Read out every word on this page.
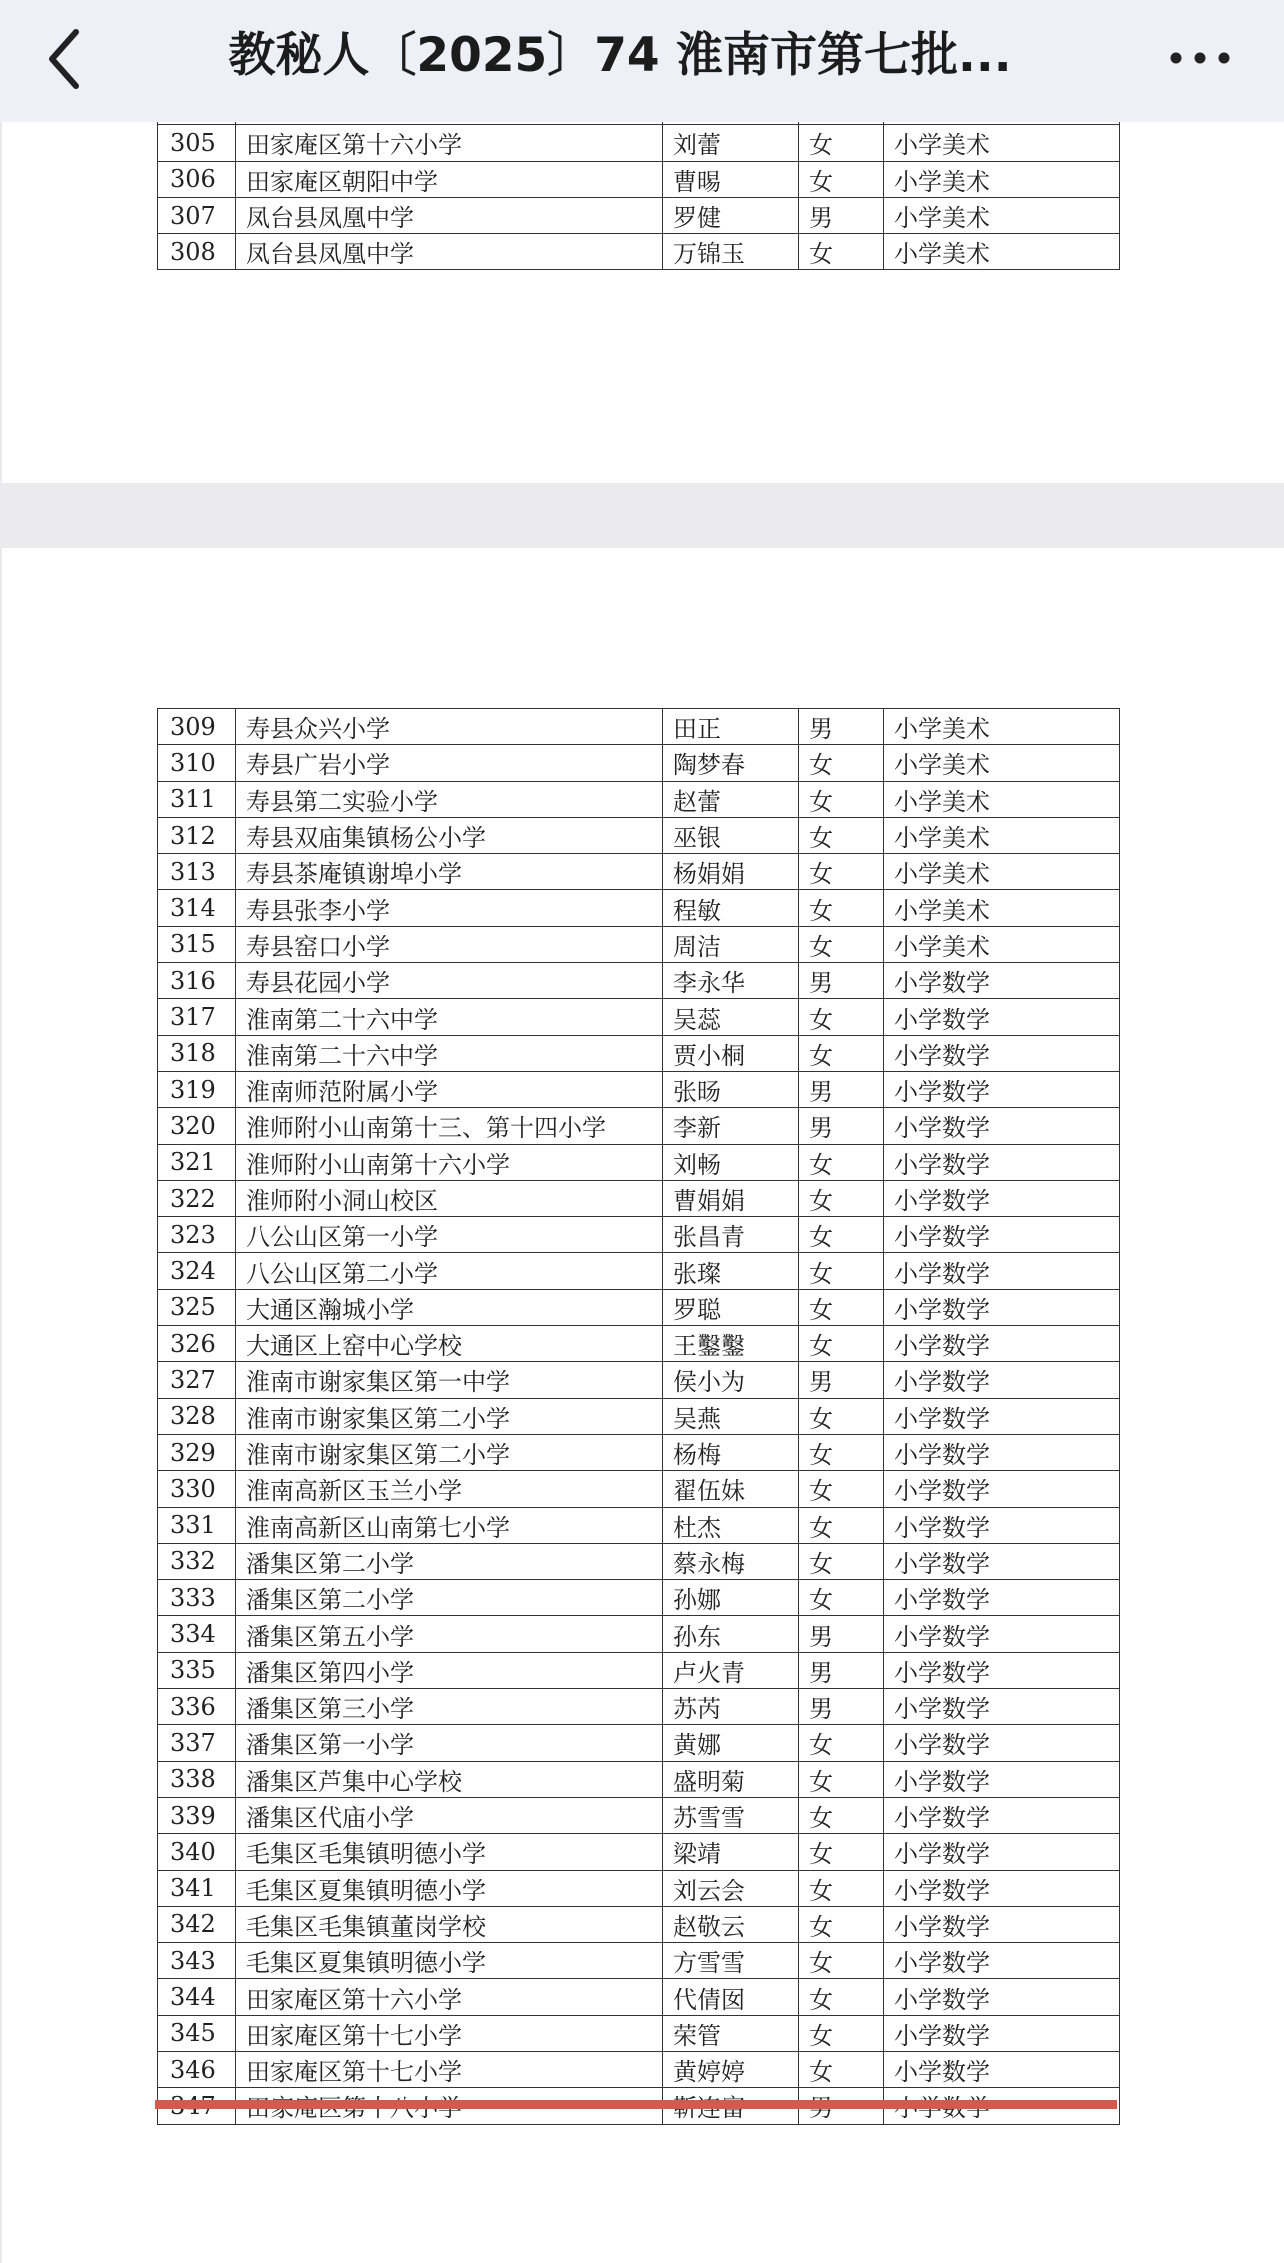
教秘人〔2025〕74 淮南市第七批...

305	田家庵区第十六小学	刘蕾	女	小学美术
306	田家庵区朝阳中学	曹晹	女	小学美术
307	凤台县凤凰中学	罗健	男	小学美术
308	凤台县凤凰中学	万锦玉	女	小学美术
309	寿县众兴小学	田正	男	小学美术
310	寿县广岩小学	陶梦春	女	小学美术
311	寿县第二实验小学	赵蕾	女	小学美术
312	寿县双庙集镇杨公小学	巫银	女	小学美术
313	寿县茶庵镇谢埠小学	杨娟娟	女	小学美术
314	寿县张李小学	程敏	女	小学美术
315	寿县窑口小学	周洁	女	小学美术
316	寿县花园小学	李永华	男	小学数学
317	淮南第二十六中学	吴蕊	女	小学数学
318	淮南第二十六中学	贾小桐	女	小学数学
319	淮南师范附属小学	张旸	男	小学数学
320	淮师附小山南第十三、第十四小学	李新	男	小学数学
321	淮师附小山南第十六小学	刘畅	女	小学数学
322	淮师附小洞山校区	曹娟娟	女	小学数学
323	八公山区第一小学	张昌青	女	小学数学
324	八公山区第二小学	张璨	女	小学数学
325	大通区瀚城小学	罗聪	女	小学数学
326	大通区上窑中心学校	王鑿鑿	女	小学数学
327	淮南市谢家集区第一中学	侯小为	男	小学数学
328	淮南市谢家集区第二小学	吴燕	女	小学数学
329	淮南市谢家集区第二小学	杨梅	女	小学数学
330	淮南高新区玉兰小学	翟伍妹	女	小学数学
331	淮南高新区山南第七小学	杜杰	女	小学数学
332	潘集区第二小学	蔡永梅	女	小学数学
333	潘集区第二小学	孙娜	女	小学数学
334	潘集区第五小学	孙东	男	小学数学
335	潘集区第四小学	卢火青	男	小学数学
336	潘集区第三小学	苏芮	男	小学数学
337	潘集区第一小学	黄娜	女	小学数学
338	潘集区芦集中心学校	盛明菊	女	小学数学
339	潘集区代庙小学	苏雪雪	女	小学数学
340	毛集区毛集镇明德小学	梁靖	女	小学数学
341	毛集区夏集镇明德小学	刘云会	女	小学数学
342	毛集区毛集镇董岗学校	赵敬云	女	小学数学
343	毛集区夏集镇明德小学	方雪雪	女	小学数学
344	田家庵区第十六小学	代倩囡	女	小学数学
345	田家庵区第十七小学	荣管	女	小学数学
346	田家庵区第十七小学	黄婷婷	女	小学数学
